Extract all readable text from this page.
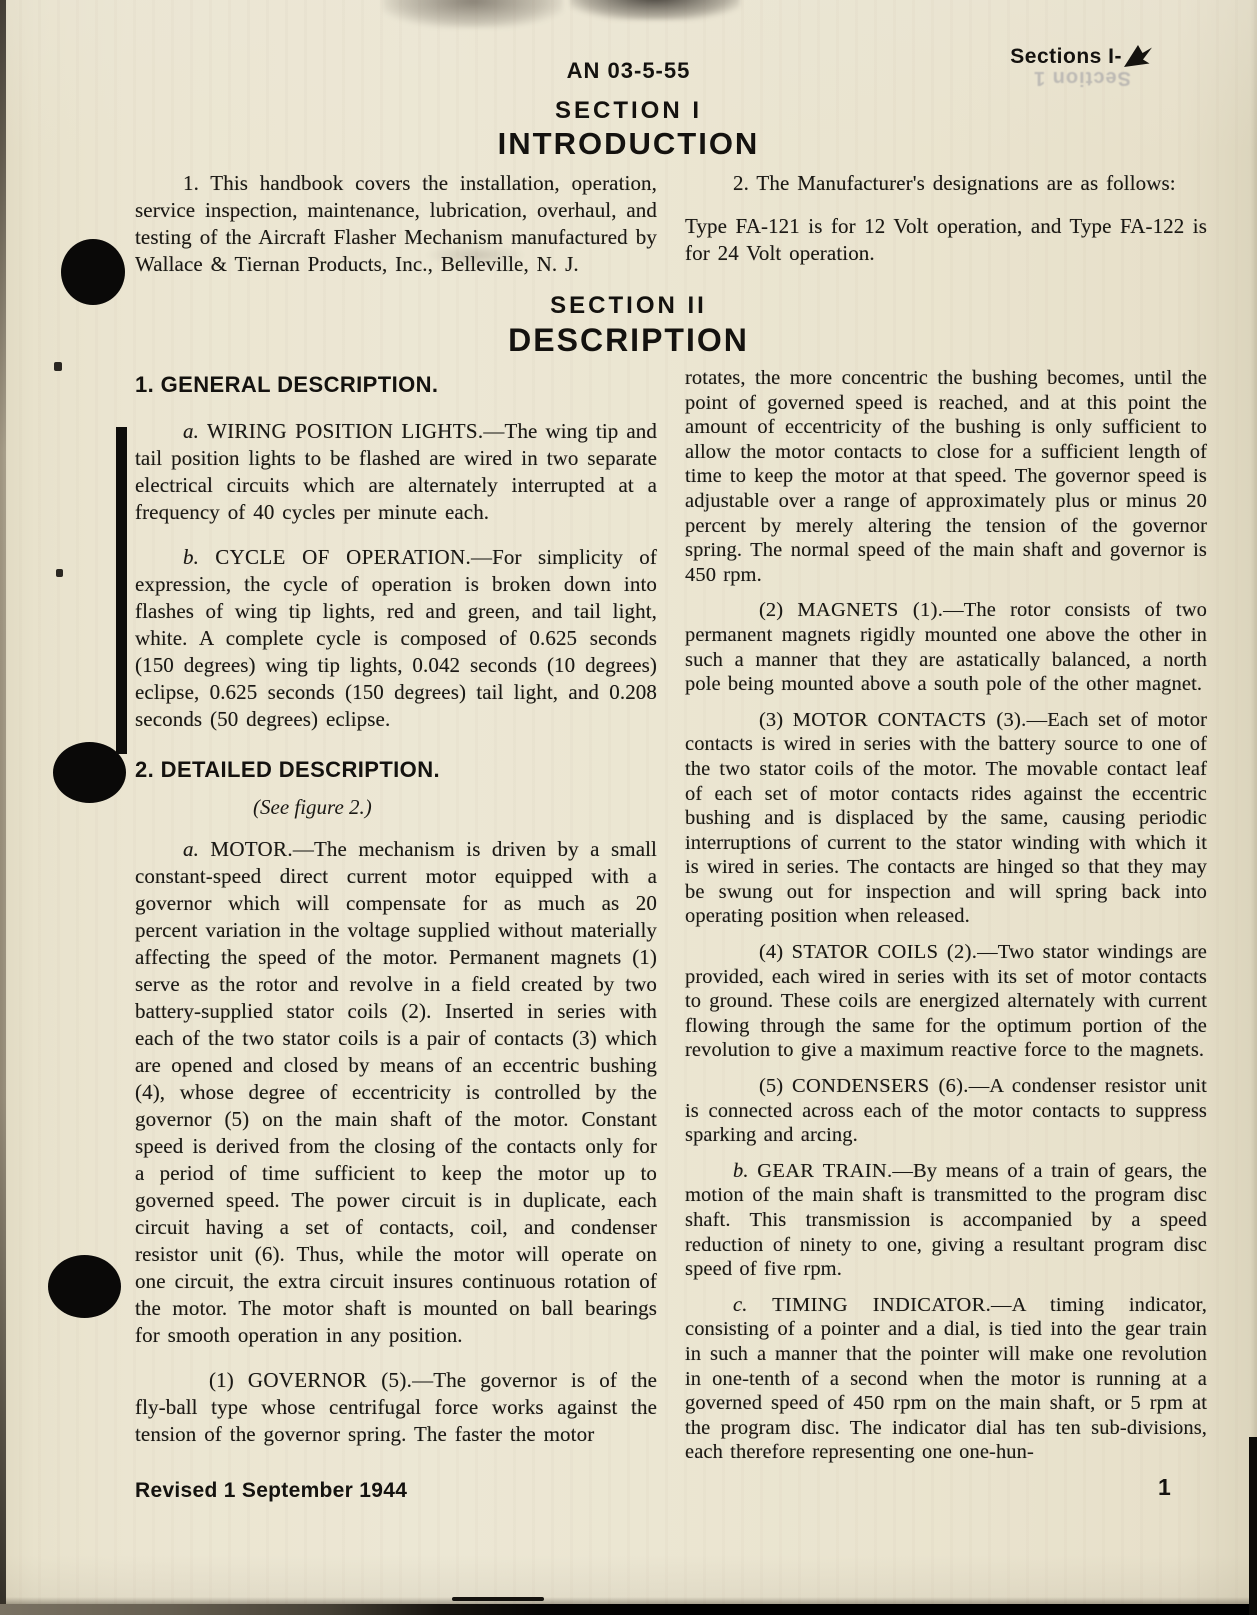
Sections I-
Section 1
AN 03-5-55
SECTION I
INTRODUCTION

1. This handbook covers the installation, operation, service inspection, maintenance, lubrication, overhaul, and testing of the Aircraft Flasher Mechanism manufactured by Wallace & Tiernan Products, Inc., Belleville, N. J.

2. The Manufacturer's designations are as follows:

Type FA-121 is for 12 Volt operation, and Type FA-122 is for 24 Volt operation.

SECTION II
DESCRIPTION
1. GENERAL DESCRIPTION.

a. WIRING POSITION LIGHTS.—The wing tip and tail position lights to be flashed are wired in two separate electrical circuits which are alternately interrupted at a frequency of 40 cycles per minute each.

b. CYCLE OF OPERATION.—For simplicity of expression, the cycle of operation is broken down into flashes of wing tip lights, red and green, and tail light, white. A complete cycle is composed of 0.625 seconds (150 degrees) wing tip lights, 0.042 seconds (10 degrees) eclipse, 0.625 seconds (150 degrees) tail light, and 0.208 seconds (50 degrees) eclipse.

2. DETAILED DESCRIPTION.
(See figure 2.)

a. MOTOR.—The mechanism is driven by a small constant-speed direct current motor equipped with a governor which will compensate for as much as 20 percent variation in the voltage supplied without materially affecting the speed of the motor. Permanent magnets (1) serve as the rotor and revolve in a field created by two battery-supplied stator coils (2). Inserted in series with each of the two stator coils is a pair of contacts (3) which are opened and closed by means of an eccentric bushing (4), whose degree of eccentricity is controlled by the governor (5) on the main shaft of the motor. Constant speed is derived from the closing of the contacts only for a period of time sufficient to keep the motor up to governed speed. The power circuit is in duplicate, each circuit having a set of contacts, coil, and condenser resistor unit (6). Thus, while the motor will operate on one circuit, the extra circuit insures continuous rotation of the motor. The motor shaft is mounted on ball bearings for smooth operation in any position.

(1) GOVERNOR (5).—The governor is of the fly-ball type whose centrifugal force works against the tension of the governor spring. The faster the motor

rotates, the more concentric the bushing becomes, until the point of governed speed is reached, and at this point the amount of eccentricity of the bushing is only sufficient to allow the motor contacts to close for a sufficient length of time to keep the motor at that speed. The governor speed is adjustable over a range of approximately plus or minus 20 percent by merely altering the tension of the governor spring. The normal speed of the main shaft and governor is 450 rpm.

(2) MAGNETS (1).—The rotor consists of two permanent magnets rigidly mounted one above the other in such a manner that they are astatically balanced, a north pole being mounted above a south pole of the other magnet.

(3) MOTOR CONTACTS (3).—Each set of motor contacts is wired in series with the battery source to one of the two stator coils of the motor. The movable contact leaf of each set of motor contacts rides against the eccentric bushing and is displaced by the same, causing periodic interruptions of current to the stator winding with which it is wired in series. The contacts are hinged so that they may be swung out for inspection and will spring back into operating position when released.

(4) STATOR COILS (2).—Two stator windings are provided, each wired in series with its set of motor contacts to ground. These coils are energized alternately with current flowing through the same for the optimum portion of the revolution to give a maximum reactive force to the magnets.

(5) CONDENSERS (6).—A condenser resistor unit is connected across each of the motor contacts to suppress sparking and arcing.

b. GEAR TRAIN.—By means of a train of gears, the motion of the main shaft is transmitted to the program disc shaft. This transmission is accompanied by a speed reduction of ninety to one, giving a resultant program disc speed of five rpm.

c. TIMING INDICATOR.—A timing indicator, consisting of a pointer and a dial, is tied into the gear train in such a manner that the pointer will make one revolution in one-tenth of a second when the motor is running at a governed speed of 450 rpm on the main shaft, or 5 rpm at the program disc. The indicator dial has ten sub-divisions, each therefore representing one one-hun-

Revised 1 September 1944	1
